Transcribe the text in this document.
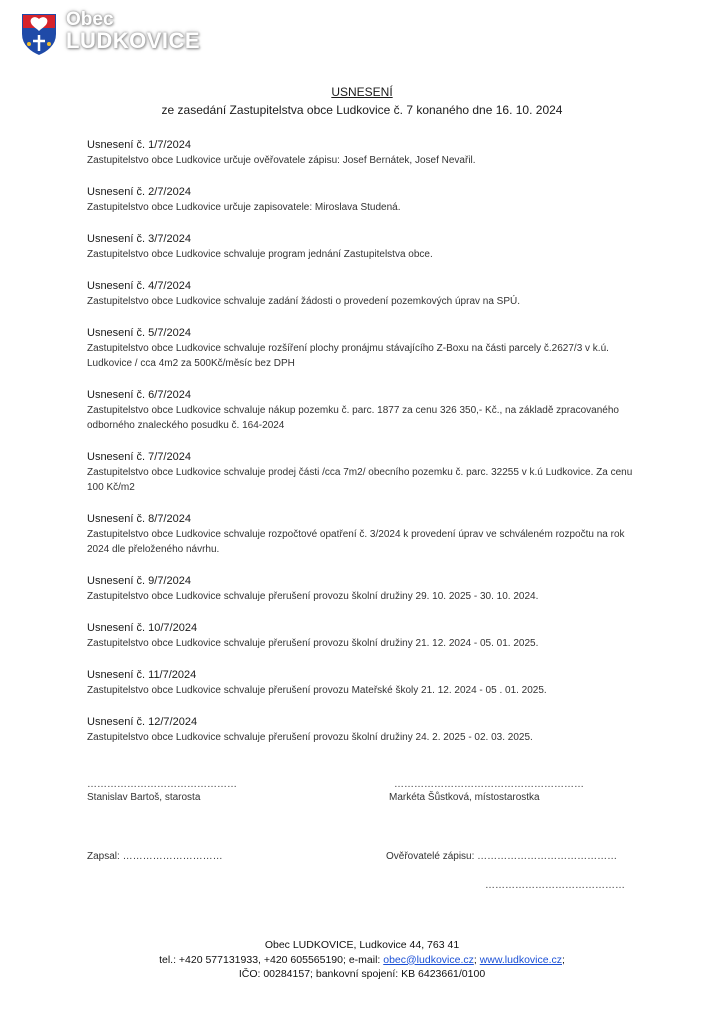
Obec
LUDKOVICE
USNESENÍ
ze zasedání Zastupitelstva obce Ludkovice č. 7 konaného dne 16. 10. 2024
Usnesení č. 1/7/2024
Zastupitelstvo obce Ludkovice určuje ověřovatele zápisu: Josef Bernátek, Josef Nevařil.
Usnesení č. 2/7/2024
Zastupitelstvo obce Ludkovice určuje zapisovatele: Miroslava Studená.
Usnesení č. 3/7/2024
Zastupitelstvo obce Ludkovice schvaluje program jednání Zastupitelstva obce.
Usnesení č. 4/7/2024
Zastupitelstvo obce Ludkovice schvaluje zadání žádosti o provedení pozemkových úprav na SPÚ.
Usnesení č. 5/7/2024
Zastupitelstvo obce Ludkovice schvaluje rozšíření plochy pronájmu stávajícího Z-Boxu na části parcely č.2627/3 v k.ú. Ludkovice / cca 4m2 za 500Kč/měsíc bez DPH
Usnesení č. 6/7/2024
Zastupitelstvo obce Ludkovice schvaluje nákup pozemku č. parc. 1877 za cenu 326 350,- Kč., na základě zpracovaného odborného znaleckého posudku č. 164-2024
Usnesení č. 7/7/2024
Zastupitelstvo obce Ludkovice schvaluje prodej části /cca 7m2/ obecního pozemku č. parc. 32255 v k.ú Ludkovice. Za cenu 100 Kč/m2
Usnesení č. 8/7/2024
Zastupitelstvo obce Ludkovice schvaluje rozpočtové opatření č. 3/2024 k provedení úprav ve schváleném rozpočtu na rok 2024 dle přeloženého návrhu.
Usnesení č. 9/7/2024
Zastupitelstvo obce Ludkovice schvaluje přerušení provozu školní družiny 29. 10. 2025 - 30. 10. 2024.
Usnesení č. 10/7/2024
Zastupitelstvo obce Ludkovice schvaluje přerušení provozu školní družiny 21. 12. 2024 - 05. 01. 2025.
Usnesení č. 11/7/2024
Zastupitelstvo obce Ludkovice schvaluje přerušení provozu Mateřské školy 21. 12. 2024 - 05 . 01. 2025.
Usnesení č. 12/7/2024
Zastupitelstvo obce Ludkovice schvaluje přerušení provozu školní družiny 24. 2. 2025 - 02. 03. 2025.
………………………………………
Stanislav Bartoš, starosta
…………………………………………………
Markéta Šůstková, místostarostka
Zapsal: …………………………	Ověřovatelé zápisu: ……………………………………
……………………………………
Obec LUDKOVICE, Ludkovice 44, 763 41
tel.: +420 577131933, +420 605565190; e-mail: obec@ludkovice.cz; www.ludkovice.cz;
IČO: 00284157; bankovní spojení: KB 6423661/0100
